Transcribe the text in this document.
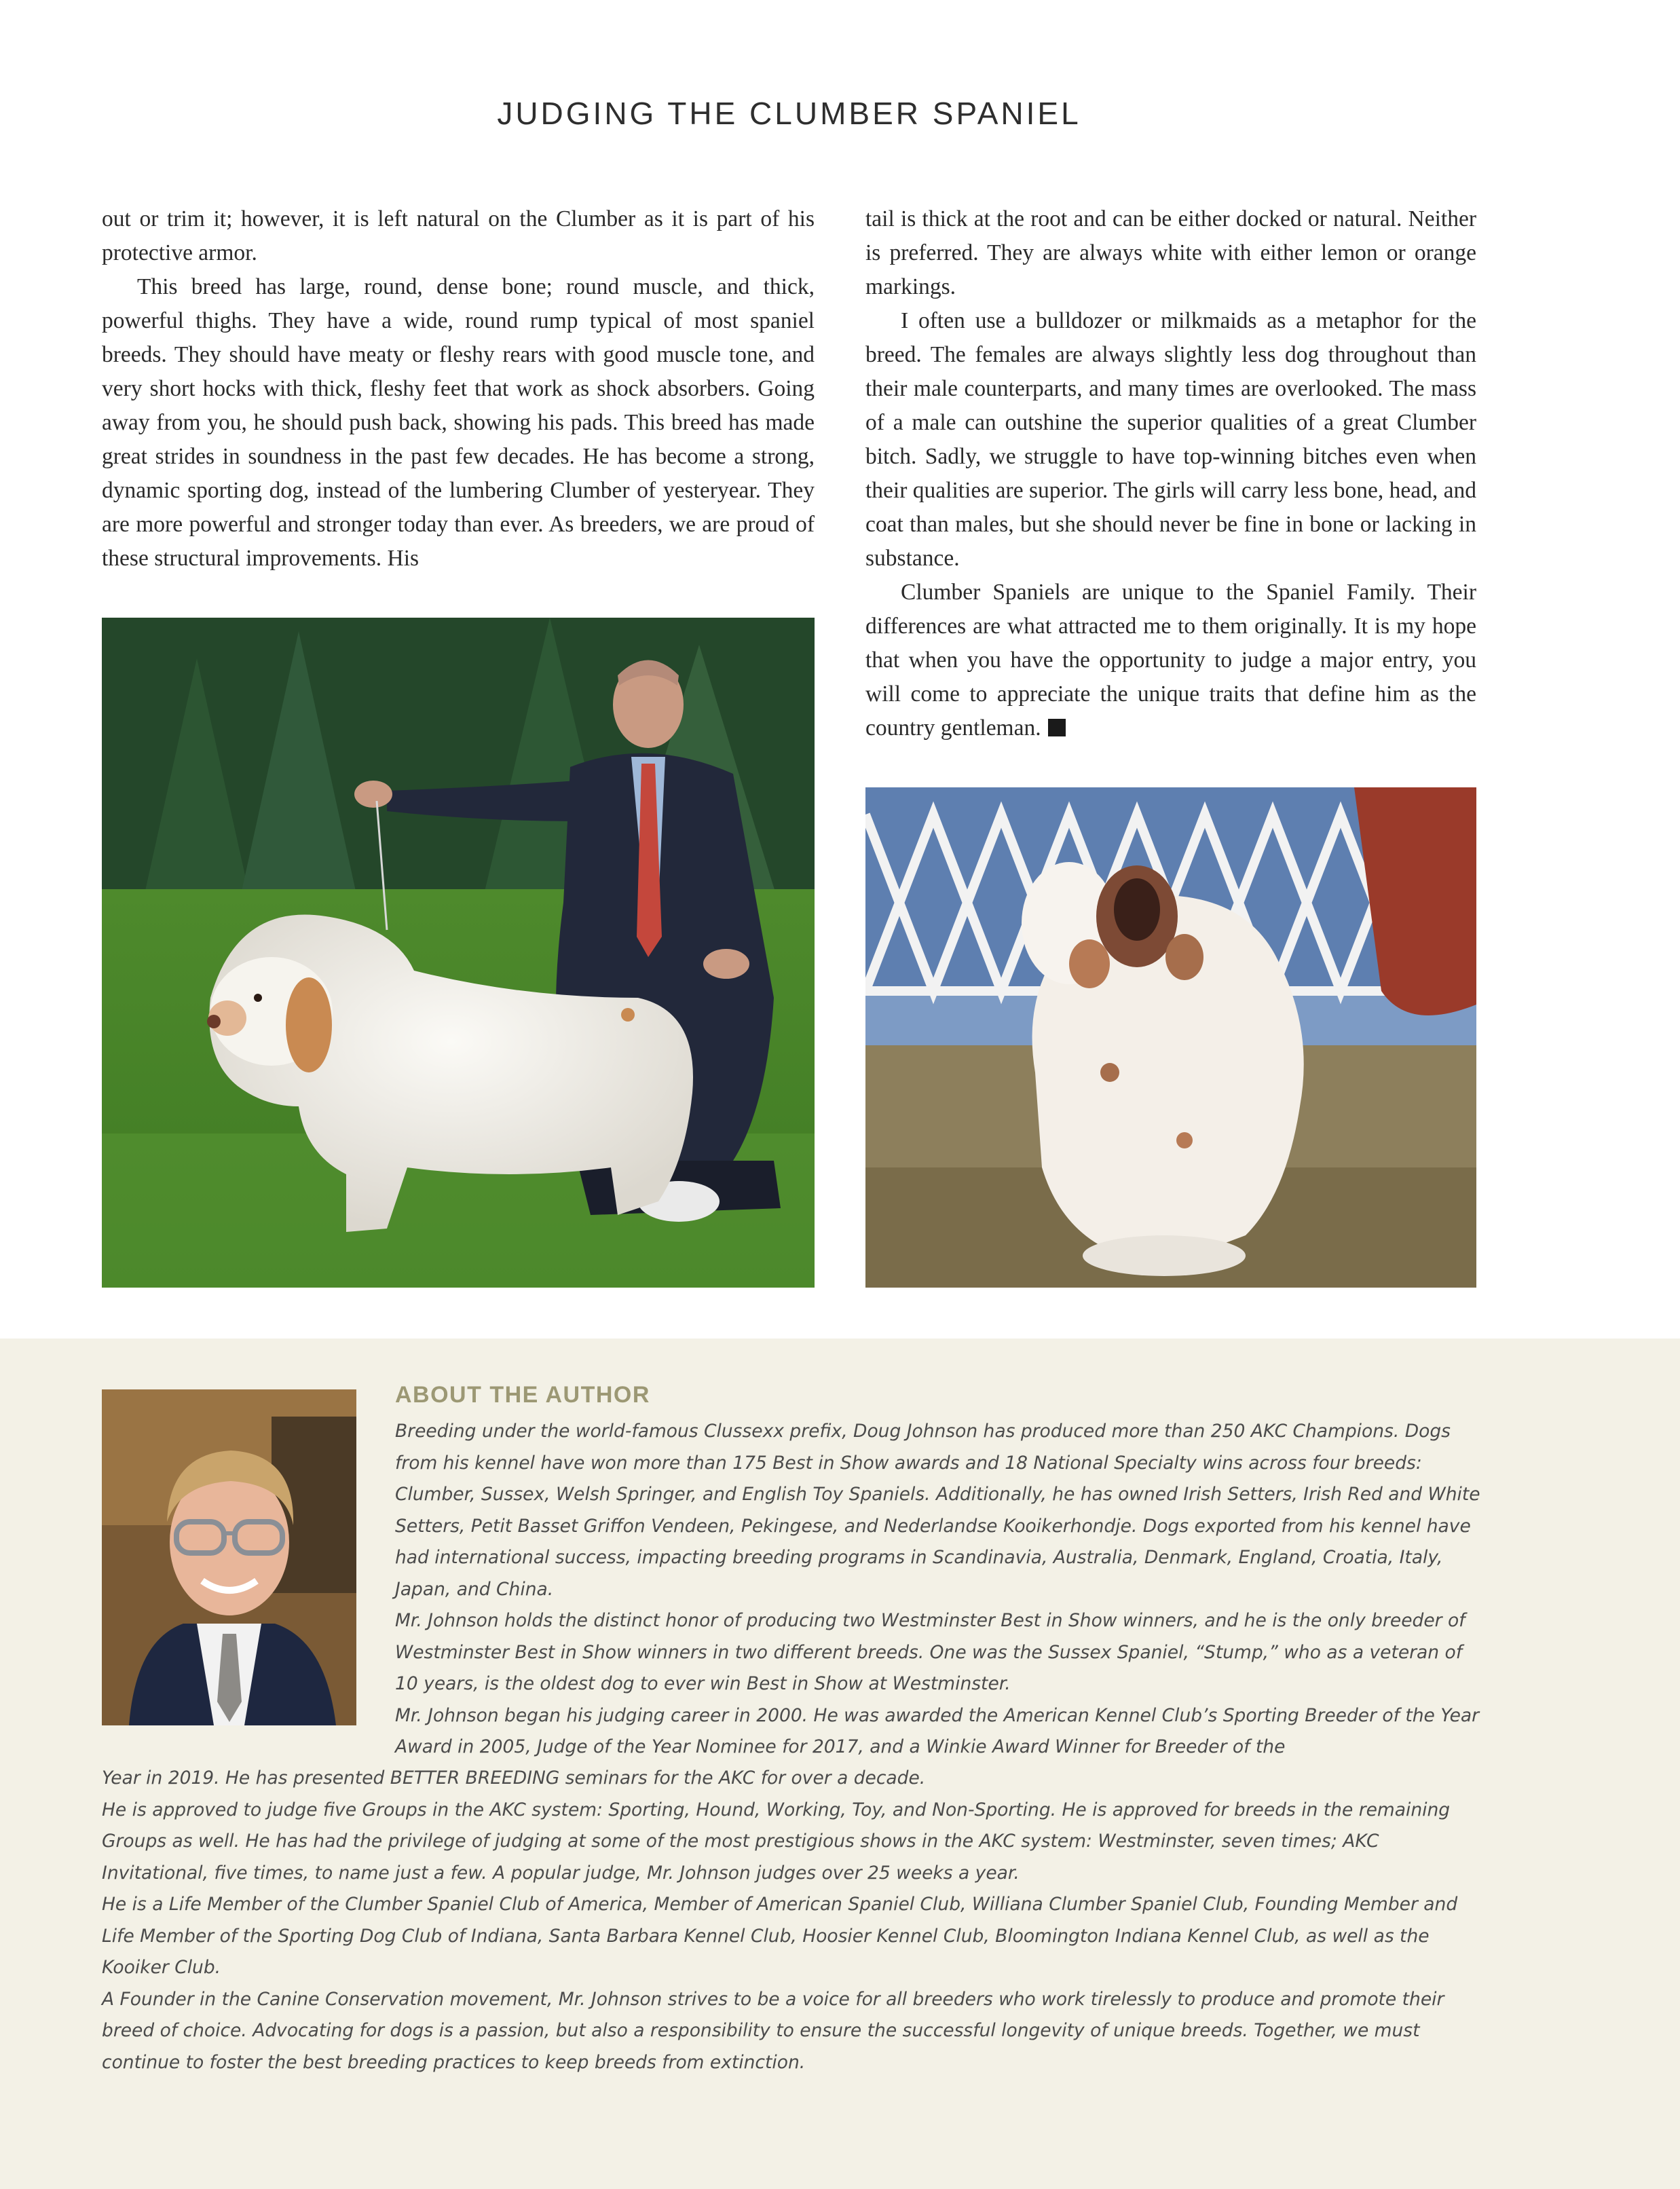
JUDGING THE CLUMBER SPANIEL

out or trim it; however, it is left natural on the Clumber as it is part of his protective armor.

This breed has large, round, dense bone; round muscle, and thick, powerful thighs. They have a wide, round rump typical of most spaniel breeds. They should have meaty or fleshy rears with good muscle tone, and very short hocks with thick, fleshy feet that work as shock absorbers. Going away from you, he should push back, showing his pads. This breed has made great strides in soundness in the past few decades. He has become a strong, dynamic sporting dog, instead of the lumbering Clumber of yesteryear. They are more powerful and stronger today than ever. As breeders, we are proud of these structural improvements. His

tail is thick at the root and can be either docked or natural. Neither is preferred. They are always white with either lemon or orange markings.

I often use a bulldozer or milkmaids as a metaphor for the breed. The females are always slightly less dog throughout than their male counterparts, and many times are overlooked. The mass of a male can outshine the superior qualities of a great Clumber bitch. Sadly, we struggle to have top-winning bitches even when their qualities are superior. The girls will carry less bone, head, and coat than males, but she should never be fine in bone or lacking in substance.

Clumber Spaniels are unique to the Spaniel Family. Their differences are what attracted me to them originally. It is my hope that when you have the opportunity to judge a major entry, you will come to appreciate the unique traits that define him as the country gentleman.

ABOUT THE AUTHOR

Breeding under the world-famous Clussexx prefix, Doug Johnson has produced more than 250 AKC Champions. Dogs from his kennel have won more than 175 Best in Show awards and 18 National Specialty wins across four breeds: Clumber, Sussex, Welsh Springer, and English Toy Spaniels. Additionally, he has owned Irish Setters, Irish Red and White Setters, Petit Basset Griffon Vendeen, Pekingese, and Nederlandse Kooikerhondje. Dogs exported from his kennel have had international success, impacting breeding programs in Scandinavia, Australia, Denmark, England, Croatia, Italy, Japan, and China.

Mr. Johnson holds the distinct honor of producing two Westminster Best in Show winners, and he is the only breeder of Westminster Best in Show winners in two different breeds. One was the Sussex Spaniel, “Stump,” who as a veteran of 10 years, is the oldest dog to ever win Best in Show at Westminster.

Mr. Johnson began his judging career in 2000. He was awarded the American Kennel Club’s Sporting Breeder of the Year Award in 2005, Judge of the Year Nominee for 2017, and a Winkie Award Winner for Breeder of the

Year in 2019. He has presented BETTER BREEDING seminars for the AKC for over a decade.

He is approved to judge five Groups in the AKC system: Sporting, Hound, Working, Toy, and Non-Sporting. He is approved for breeds in the remaining Groups as well. He has had the privilege of judging at some of the most prestigious shows in the AKC system: Westminster, seven times; AKC Invitational, five times, to name just a few. A popular judge, Mr. Johnson judges over 25 weeks a year.

He is a Life Member of the Clumber Spaniel Club of America, Member of American Spaniel Club, Williana Clumber Spaniel Club, Founding Member and Life Member of the Sporting Dog Club of Indiana, Santa Barbara Kennel Club, Hoosier Kennel Club, Bloomington Indiana Kennel Club, as well as the Kooiker Club.

A Founder in the Canine Conservation movement, Mr. Johnson strives to be a voice for all breeders who work tirelessly to produce and promote their breed of choice. Advocating for dogs is a passion, but also a responsibility to ensure the successful longevity of unique breeds. Together, we must continue to foster the best breeding practices to keep breeds from extinction.
